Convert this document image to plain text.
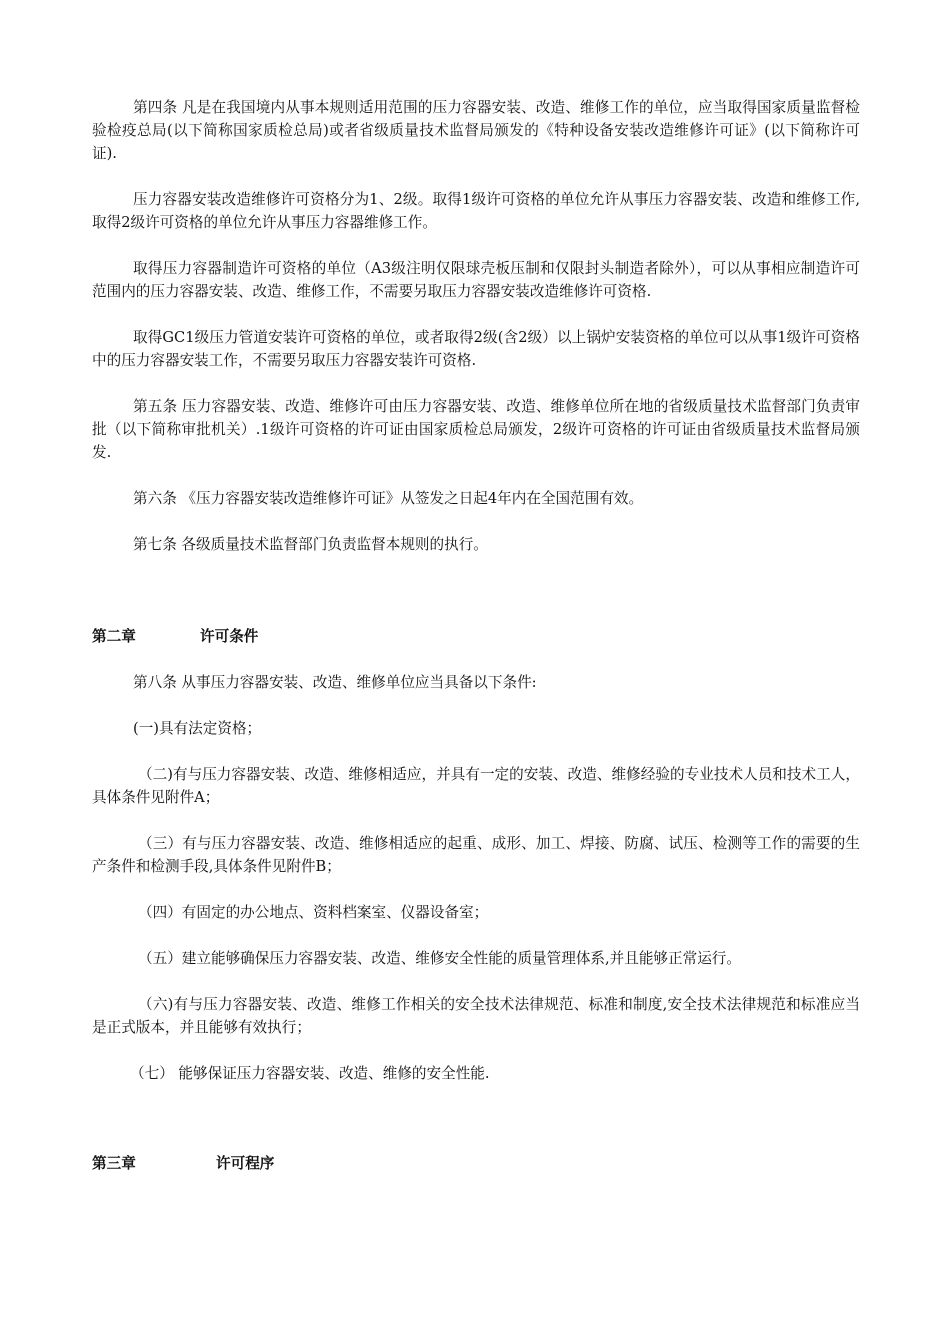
第四条 凡是在我国境内从事本规则适用范围的压力容器安装、改造、维修工作的单位，应当取得国家质量监督检验检疫总局(以下简称国家质检总局)或者省级质量技术监督局颁发的《特种设备安装改造维修许可证》(以下简称许可证).

压力容器安装改造维修许可资格分为1、2级。取得1级许可资格的单位允许从事压力容器安装、改造和维修工作,取得2级许可资格的单位允许从事压力容器维修工作。

取得压力容器制造许可资格的单位（A3级注明仅限球壳板压制和仅限封头制造者除外），可以从事相应制造许可范围内的压力容器安装、改造、维修工作，不需要另取压力容器安装改造维修许可资格.

取得GC1级压力管道安装许可资格的单位，或者取得2级(含2级）以上锅炉安装资格的单位可以从事1级许可资格中的压力容器安装工作，不需要另取压力容器安装许可资格.

第五条 压力容器安装、改造、维修许可由压力容器安装、改造、维修单位所在地的省级质量技术监督部门负责审批（以下简称审批机关）.1级许可资格的许可证由国家质检总局颁发，2级许可资格的许可证由省级质量技术监督局颁发.

第六条 《压力容器安装改造维修许可证》从签发之日起4年内在全国范围有效。

第七条 各级质量技术监督部门负责监督本规则的执行。

第二章	许可条件

第八条 从事压力容器安装、改造、维修单位应当具备以下条件:

(一)具有法定资格；

（二)有与压力容器安装、改造、维修相适应，并具有一定的安装、改造、维修经验的专业技术人员和技术工人，具体条件见附件A；

（三）有与压力容器安装、改造、维修相适应的起重、成形、加工、焊接、防腐、试压、检测等工作的需要的生产条件和检测手段,具体条件见附件B；

（四）有固定的办公地点、资料档案室、仪器设备室；

（五）建立能够确保压力容器安装、改造、维修安全性能的质量管理体系,并且能够正常运行。

（六)有与压力容器安装、改造、维修工作相关的安全技术法律规范、标准和制度,安全技术法律规范和标准应当是正式版本，并且能够有效执行；

（七） 能够保证压力容器安装、改造、维修的安全性能.

第三章	许可程序
